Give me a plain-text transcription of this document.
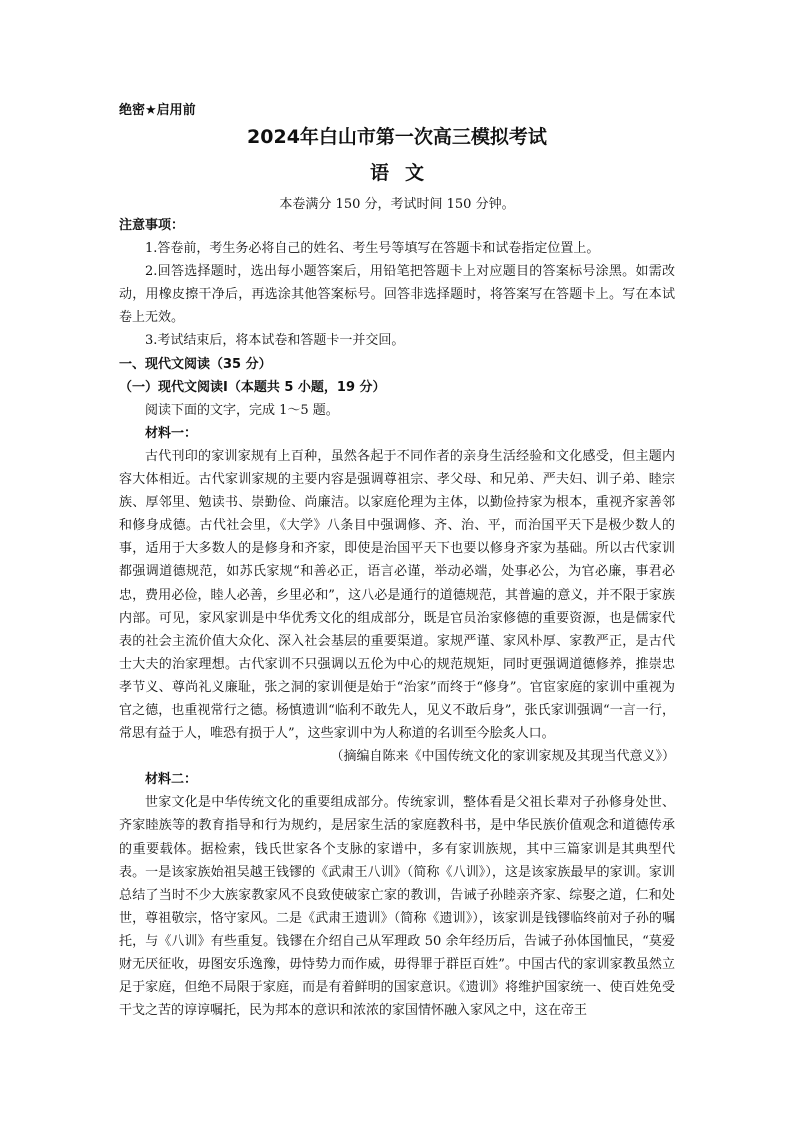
绝密★启用前
2024年白山市第一次高三模拟考试
语文
本卷满分 150 分，考试时间 150 分钟。

注意事项：

1.答卷前，考生务必将自己的姓名、考生号等填写在答题卡和试卷指定位置上。

2.回答选择题时，选出每小题答案后，用铅笔把答题卡上对应题目的答案标号涂黑。如需改动，用橡皮擦干净后，再选涂其他答案标号。回答非选择题时，将答案写在答题卡上。写在本试卷上无效。

3.考试结束后，将本试卷和答题卡一并交回。

一、现代文阅读（35 分）

（一）现代文阅读Ⅰ（本题共 5 小题，19 分）

阅读下面的文字，完成 1～5 题。

材料一：

古代刊印的家训家规有上百种，虽然各起于不同作者的亲身生活经验和文化感受，但主题内容大体相近。古代家训家规的主要内容是强调尊祖宗、孝父母、和兄弟、严夫妇、训子弟、睦宗族、厚邻里、勉读书、崇勤俭、尚廉洁。以家庭伦理为主体，以勤俭持家为根本，重视齐家善邻和修身成德。古代社会里，《大学》八条目中强调修、齐、治、平，而治国平天下是极少数人的事，适用于大多数人的是修身和齐家，即使是治国平天下也要以修身齐家为基础。所以古代家训都强调道德规范，如苏氏家规“和善必正，语言必谨，举动必端，处事必公，为官必廉，事君必忠，费用必俭，睦人必善，乡里必和”，这八必是通行的道德规范，其普遍的意义，并不限于家族内部。可见，家风家训是中华优秀文化的组成部分，既是官员治家修德的重要资源，也是儒家代表的社会主流价值大众化、深入社会基层的重要渠道。家规严谨、家风朴厚、家教严正，是古代士大夫的治家理想。古代家训不只强调以五伦为中心的规范规矩，同时更强调道德修养，推崇忠孝节义、尊尚礼义廉耻，张之洞的家训便是始于“治家”而终于“修身”。官宦家庭的家训中重视为官之德，也重视常行之德。杨慎遗训“临利不敢先人，见义不敢后身”，张氏家训强调“一言一行，常思有益于人，唯恐有损于人”，这些家训中为人称道的名训至今脍炙人口。

（摘编自陈来《中国传统文化的家训家规及其现当代意义》）

材料二：

世家文化是中华传统文化的重要组成部分。传统家训，整体看是父祖长辈对子孙修身处世、齐家睦族等的教育指导和行为规约，是居家生活的家庭教科书，是中华民族价值观念和道德传承的重要载体。据检索，钱氏世家各个支脉的家谱中，多有家训族规，其中三篇家训是其典型代表。一是该家族始祖吴越王钱镠的《武肃王八训》（简称《八训》），这是该家族最早的家训。家训总结了当时不少大族家教家风不良致使破家亡家的教训，告诫子孙睦亲齐家、综娶之道，仁和处世，尊祖敬宗，恪守家风。二是《武肃王遗训》（简称《遗训》），该家训是钱镠临终前对子孙的嘱托，与《八训》有些重复。钱镠在介绍自己从军理政 50 余年经历后，告诫子孙体国恤民，“莫爱财无厌征收，毋图安乐逸豫，毋恃势力而作威，毋得罪于群臣百姓”。中国古代的家训家教虽然立足于家庭，但绝不局限于家庭，而是有着鲜明的国家意识。《遗训》将维护国家统一、使百姓免受干戈之苦的谆谆嘱托，民为邦本的意识和浓浓的家国情怀融入家风之中，这在帝王
